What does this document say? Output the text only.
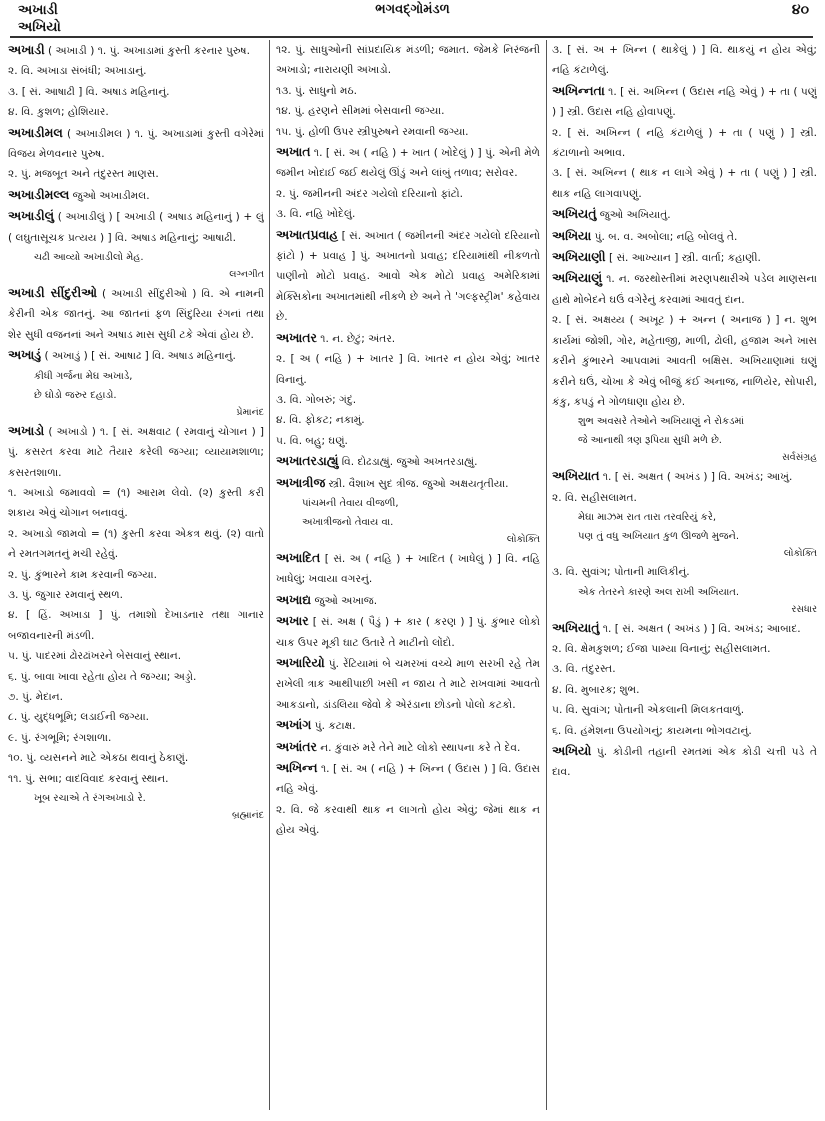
અખાડી
અખિયો
ભગવદ્ગોમંડળ	૪૦

અખાડી ( અખાડી ) ૧. પું. અખાડામાં કુસ્તી કરનાર પુરુષ.

૨. વિ. અખાડા સંબંધી; અખાડાનું.

૩. [ સં. આષાઢી ] વિ. અષાડ મહિનાનું.

૪. વિ. કુશળ; હોશિયાર.

અખાડીમલ ( અખાડીમલ ) ૧. પું. અખાડામાં કુસ્તી વગેરેમાં વિજય મેળવનાર પુરુષ.

૨. પું. મજબૂત અને તંદુરસ્ત માણસ.

અખાડીમલ્લ જુઓ અખાડીમલ.

અખાડીલું ( અખાડીલું ) [ અખાડી ( અષાડ મહિનાનું ) + લું ( લઘુતાસૂચક પ્રત્યય ) ] વિ. અષાડ મહિનાનું; આષાઢી.

ચઢી આવ્યો અખાડીલો મેહ.
લગ્નગીત

અખાડી સીંદુરીઓ ( અખાડી સીંદુરીઓ ) વિ. એ નામની કેરીની એક જાતનું. આ જાતનાં ફળ સિંદુરિયા રંગનાં તથા શેર સુધી વજનનાં અને અષાડ માસ સુધી ટકે એવાં હોય છે.

અખાડું ( અખાડું ) [ સં. આષાઢ ] વિ. અષાડ મહિનાનું.

કીધી ગર્જના મેઘ અખાડે,
છે ઘોડો જરુર દહાડો.
પ્રેમાનંદ

અખાડો ( અખાડો ) ૧. [ સં. અક્ષવાટ ( રમવાનું ચોગાન ) ] પું. કસરત કરવા માટે તૈયાર કરેલી જગ્યા; વ્યાયામશાળા; કસરતશાળા.

૧. અખાડો જમાવવો = (૧) આરામ લેવો. (૨) કુસ્તી કરી શકાય એવું ચોગાન બનાવવું.

૨. અખાડો જામવો = (૧) કુસ્તી કરવા એકત્ર થવું. (૨) વાતો ને રમતગમતનું મચી રહેવું.

૨. પું. કુંભારને કામ કરવાની જગ્યા.

૩. પું. જુગાર રમવાનું સ્થળ.

૪. [ હિં. અખાડા ] પું. તમાશો દેખાડનાર તથા ગાનાર બજાવનારની મંડળી.

૫. પું. પાદરમાં ઢોરઢાંખરને બેસવાનું સ્થાન.

૬. પું. બાવા ખાવા રહેતા હોય તે જગ્યા; અડ્ડો.

૭. પું. મેદાન.

૮. પું. યુદ્ધભૂમિ; લડાઈની જગ્યા.

૯. પું. રંગભૂમિ; રંગશાળા.

૧૦. પું. વ્યસનને માટે એકઠા થવાનું ઠેકાણું.

૧૧. પું. સભા; વાદવિવાદ કરવાનું સ્થાન.

ખૂબ રચાએ તે રંગઅખાડો રે.
બ્રહ્માનંદ

૧૨. પું. સાધુઓની સાંપ્રદાયિક મંડળી; જમાત. જેમકે નિરંજની અખાડો; નારાયણી અખાડો.

૧૩. પું. સાધુનો મઠ.

૧૪. પું. હરણને સીમમાં બેસવાની જગ્યા.

૧૫. પું. હોળી ઉપર સ્ત્રીપુરુષને રમવાની જગ્યા.

અખાત ૧. [ સં. અ ( નહિ ) + ખાત ( ખોદેલું ) ] પું. એની મેળે જમીન ખોદાઈ જઈ થયેલું ઊંડું અને લાંબું તળાવ; સરોવર.

૨. પું. જમીનની અંદર ગયેલો દરિયાનો ફાંટો.

૩. વિ. નહિ ખોદેલું.

અખાતપ્રવાહ [ સં. અખાત ( જમીનની અંદર ગયેલો દરિયાનો ફાંટો ) + પ્રવાહ ] પું. અખાતનો પ્રવાહ; દરિયામાંથી નીકળતો પાણીનો મોટો પ્રવાહ. આવો એક મોટો પ્રવાહ અમેરિકામાં મેક્સિકોના અખાતમાંથી નીકળે છે અને તે 'ગલ્ફસ્ટ્રીમ' કહેવાય છે.

અખાતર ૧. ન. છેટું; અંતર.

૨. [ અ ( નહિ ) + ખાતર ] વિ. ખાતર ન હોય એવું; ખાતર વિનાનું.

૩. વિ. ગોબરું; ગંદું.

૪. વિ. ફોકટ; નકામું.

૫. વિ. બહુ; ઘણું.

અખાતરડાહ્યું વિ. દોઢડાહ્યું. જુઓ અખતરડાહ્યું.

અખાત્રીજ સ્ત્રી. વૈશાખ સુદ ત્રીજ. જુઓ અક્ષયતૃતીયા.

પાંચમની તેવાય વીજળી,
અખાત્રીજનો તેવાય વા.
લોકોક્તિ

અખાદિત [ સં. અ ( નહિ ) + ખાદિત ( ખાધેલું ) ] વિ. નહિ ખાધેલું; ખવાયા વગરનું.

અખાદ્ય જુઓ અખાજ.

અખાર [ સં. અક્ષ ( પૈડું ) + કાર ( કરણ ) ] પું. કુંભાર લોકો ચાક ઉપર મૂકી ઘાટ ઉતારે તે માટીનો લોંદો.

અખારિયો પું. રેંટિયામાં બે ચમરખાં વચ્ચે માળ સરખી રહે તેમ રાખેલી ત્રાક આથીપાછી ખસી ન જાય તે માટે રાખવામાં આવતો આકડાનો, ડાંડલિયા જેવો કે એરંડાના છોડનો પોલો કટકો.

અખાંગ પું. કટાક્ષ.

અખાંતર ન. કુંવારું મરે તેને માટે લોકો સ્થાપના કરે તે દેવ.

અખિન્ન ૧. [ સં. અ ( નહિ ) + ખિન્ન ( ઉદાસ ) ] વિ. ઉદાસ નહિ એવું.

૨. વિ. જે કરવાથી થાક ન લાગતો હોય એવું; જેમાં થાક ન હોય એવું.

૩. [ સં. અ + ખિન્ન ( થાકેલું ) ] વિ. થાકયું ન હોય એવું; નહિ કંટાળેલું.

અખિન્નતા ૧. [ સં. અખિન્ન ( ઉદાસ નહિ એવું ) + તા ( પણું ) ] સ્ત્રી. ઉદાસ નહિ હોવાપણું.

૨. [ સં. અખિન્ન ( નહિ કંટાળેલું ) + તા ( પણું ) ] સ્ત્રી. કંટાળાનો અભાવ.

૩. [ સં. અખિન્ન ( થાક ન લાગે એવું ) + તા ( પણું ) ] સ્ત્રી. થાક નહિ લાગવાપણું.

અખિયતું જુઓ અખિયાતું.

અખિયા પું. બ. વ. અબોલા; નહિ બોલવું તે.

અખિયાણી [ સં. આખ્યાન ] સ્ત્રી. વાર્તા; કહાણી.

અખિયાણું ૧. ન. જરથોસ્તીમાં મરણપથારીએ પડેલ માણસના હાથે મોબેદને ઘઉં વગેરેનું કરવામાં આવતું દાન.

૨. [ સં. અક્ષય્ય ( અખૂટ ) + અન્ન ( અનાજ ) ] ન. શુભ કાર્યમાં જોશી, ગોર, મહેતાજી, માળી, ઢોલી, હજામ અને ખાસ કરીને કુંભારને આપવામાં આવતી બક્ષિસ. અખિયાણામાં ઘણું કરીને ઘઉં, ચોખા કે એવું બીજું કંઈ અનાજ, નાળિયેર, સોપારી, કંકુ, કપડું ને ગોળધાણા હોય છે.

શુભ અવસરે તેઓને અખિયાણું ને રોકડમાં
જે આનાથી ત્રણ રૂપિયા સુધી મળે છે.
સર્વસંગ્રહ

અખિયાત ૧. [ સં. અક્ષત ( અખંડ ) ] વિ. અખંડ; આખું.

૨. વિ. સહીસલામત.

મેઘા માઝમ રાત તારા તરવરિયું કરે,
પણ તું વધુ અખિયાત કુળ ઊજળે મુજને.
લોકોક્તિ

૩. વિ. સુવાંગ; પોતાની માલિકીનું.

એક તેતરને કારણે અલ રાખી અખિયાત.
રસધાર

અખિયાતું ૧. [ સં. અક્ષત ( અખંડ ) ] વિ. અખંડ; આબાદ.

૨. વિ. ક્ષેમકુશળ; ઈજા પામ્યા વિનાનું; સહીસલામત.

૩. વિ. તંદુરસ્ત.

૪. વિ. મુબારક; શુભ.

૫. વિ. સુવાંગ; પોતાની એકલાની મિલકતવાળું.

૬. વિ. હંમેશના ઉપયોગનું; કાયમના ભોગવટાનું.

અખિયો પું. કોડીની તહાની રમતમાં એક કોડી ચત્તી પડે તે દાવ.
